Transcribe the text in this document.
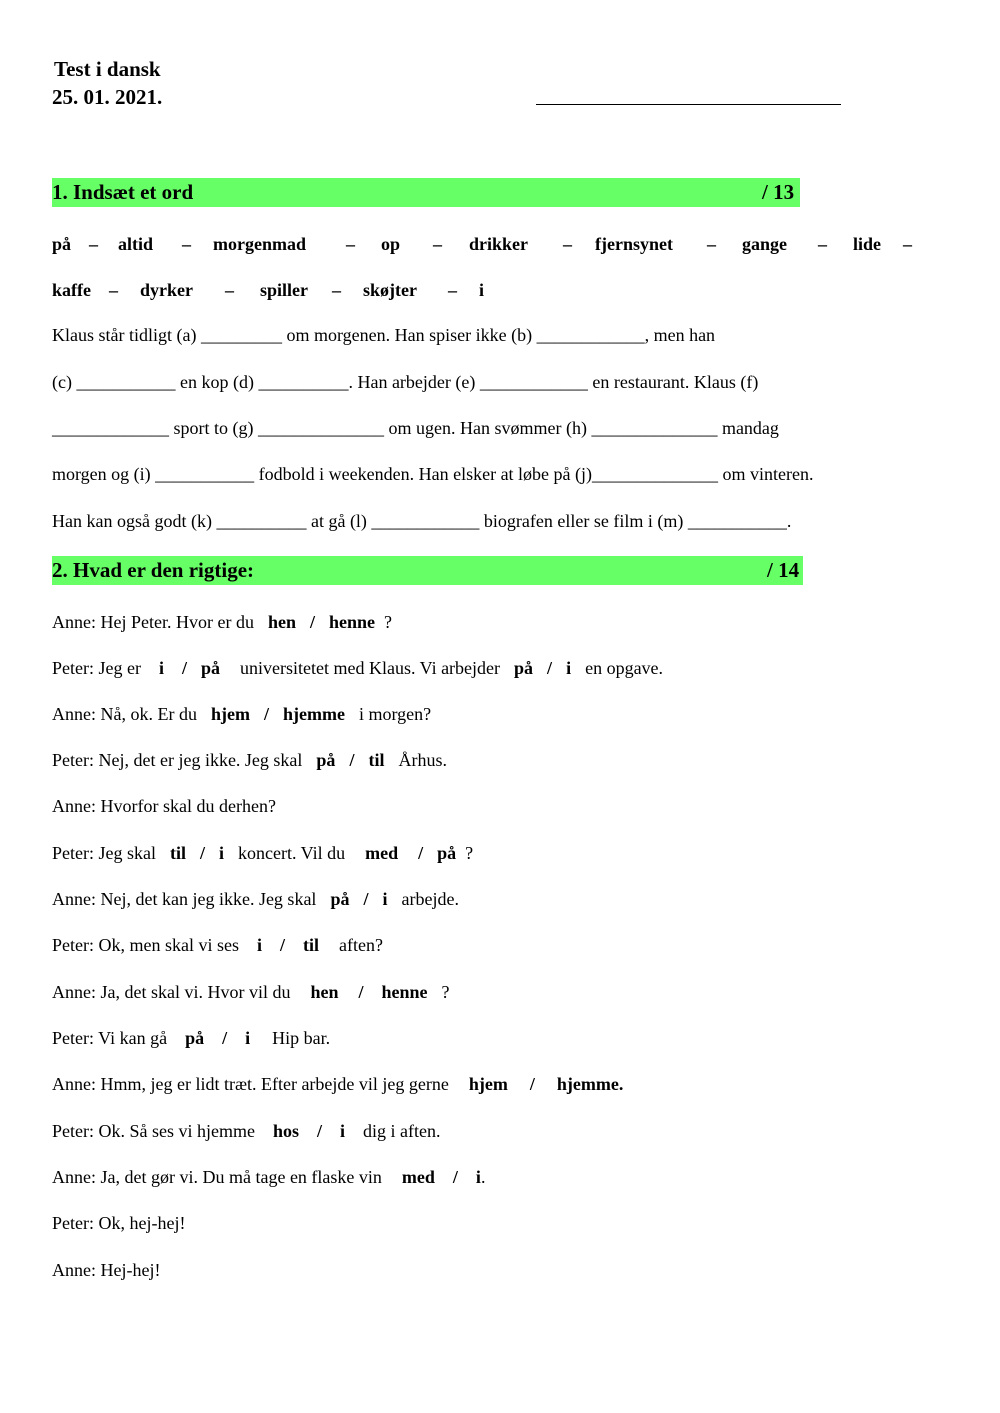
Test i dansk
25. 01. 2021.
1. Indsæt et ord	/ 13
på – altid – morgenmad – op – drikker – fjernsynet – gange – lide –
kaffe – dyrker – spiller – skøjter – i
Klaus står tidligt (a) _________ om morgenen. Han spiser ikke (b) ____________, men han
(c) ___________ en kop (d) __________. Han arbejder (e) ____________ en restaurant. Klaus (f)
_____________ sport to (g) ______________ om ugen. Han svømmer (h) ______________ mandag
morgen og (i) ___________ fodbold i weekenden. Han elsker at løbe på (j)______________ om vinteren.
Han kan også godt (k) __________ at gå (l) ____________ biografen eller se film i (m) ___________.
2. Hvad er den rigtige:	/ 14
Anne: Hej Peter. Hvor er du hen / henne ?
Peter: Jeg er i / på universitetet med Klaus. Vi arbejder på / i en opgave.
Anne: Nå, ok. Er du hjem / hjemme i morgen?
Peter: Nej, det er jeg ikke. Jeg skal på / til Århus.
Anne: Hvorfor skal du derhen?
Peter: Jeg skal til / i koncert. Vil du med / på ?
Anne: Nej, det kan jeg ikke. Jeg skal på / i arbejde.
Peter: Ok, men skal vi ses i / til aften?
Anne: Ja, det skal vi. Hvor vil du hen / henne ?
Peter: Vi kan gå på / i Hip bar.
Anne: Hmm, jeg er lidt træt. Efter arbejde vil jeg gerne hjem / hjemme.
Peter: Ok. Så ses vi hjemme hos / i dig i aften.
Anne: Ja, det gør vi. Du må tage en flaske vin med / i.
Peter: Ok, hej-hej!
Anne: Hej-hej!
